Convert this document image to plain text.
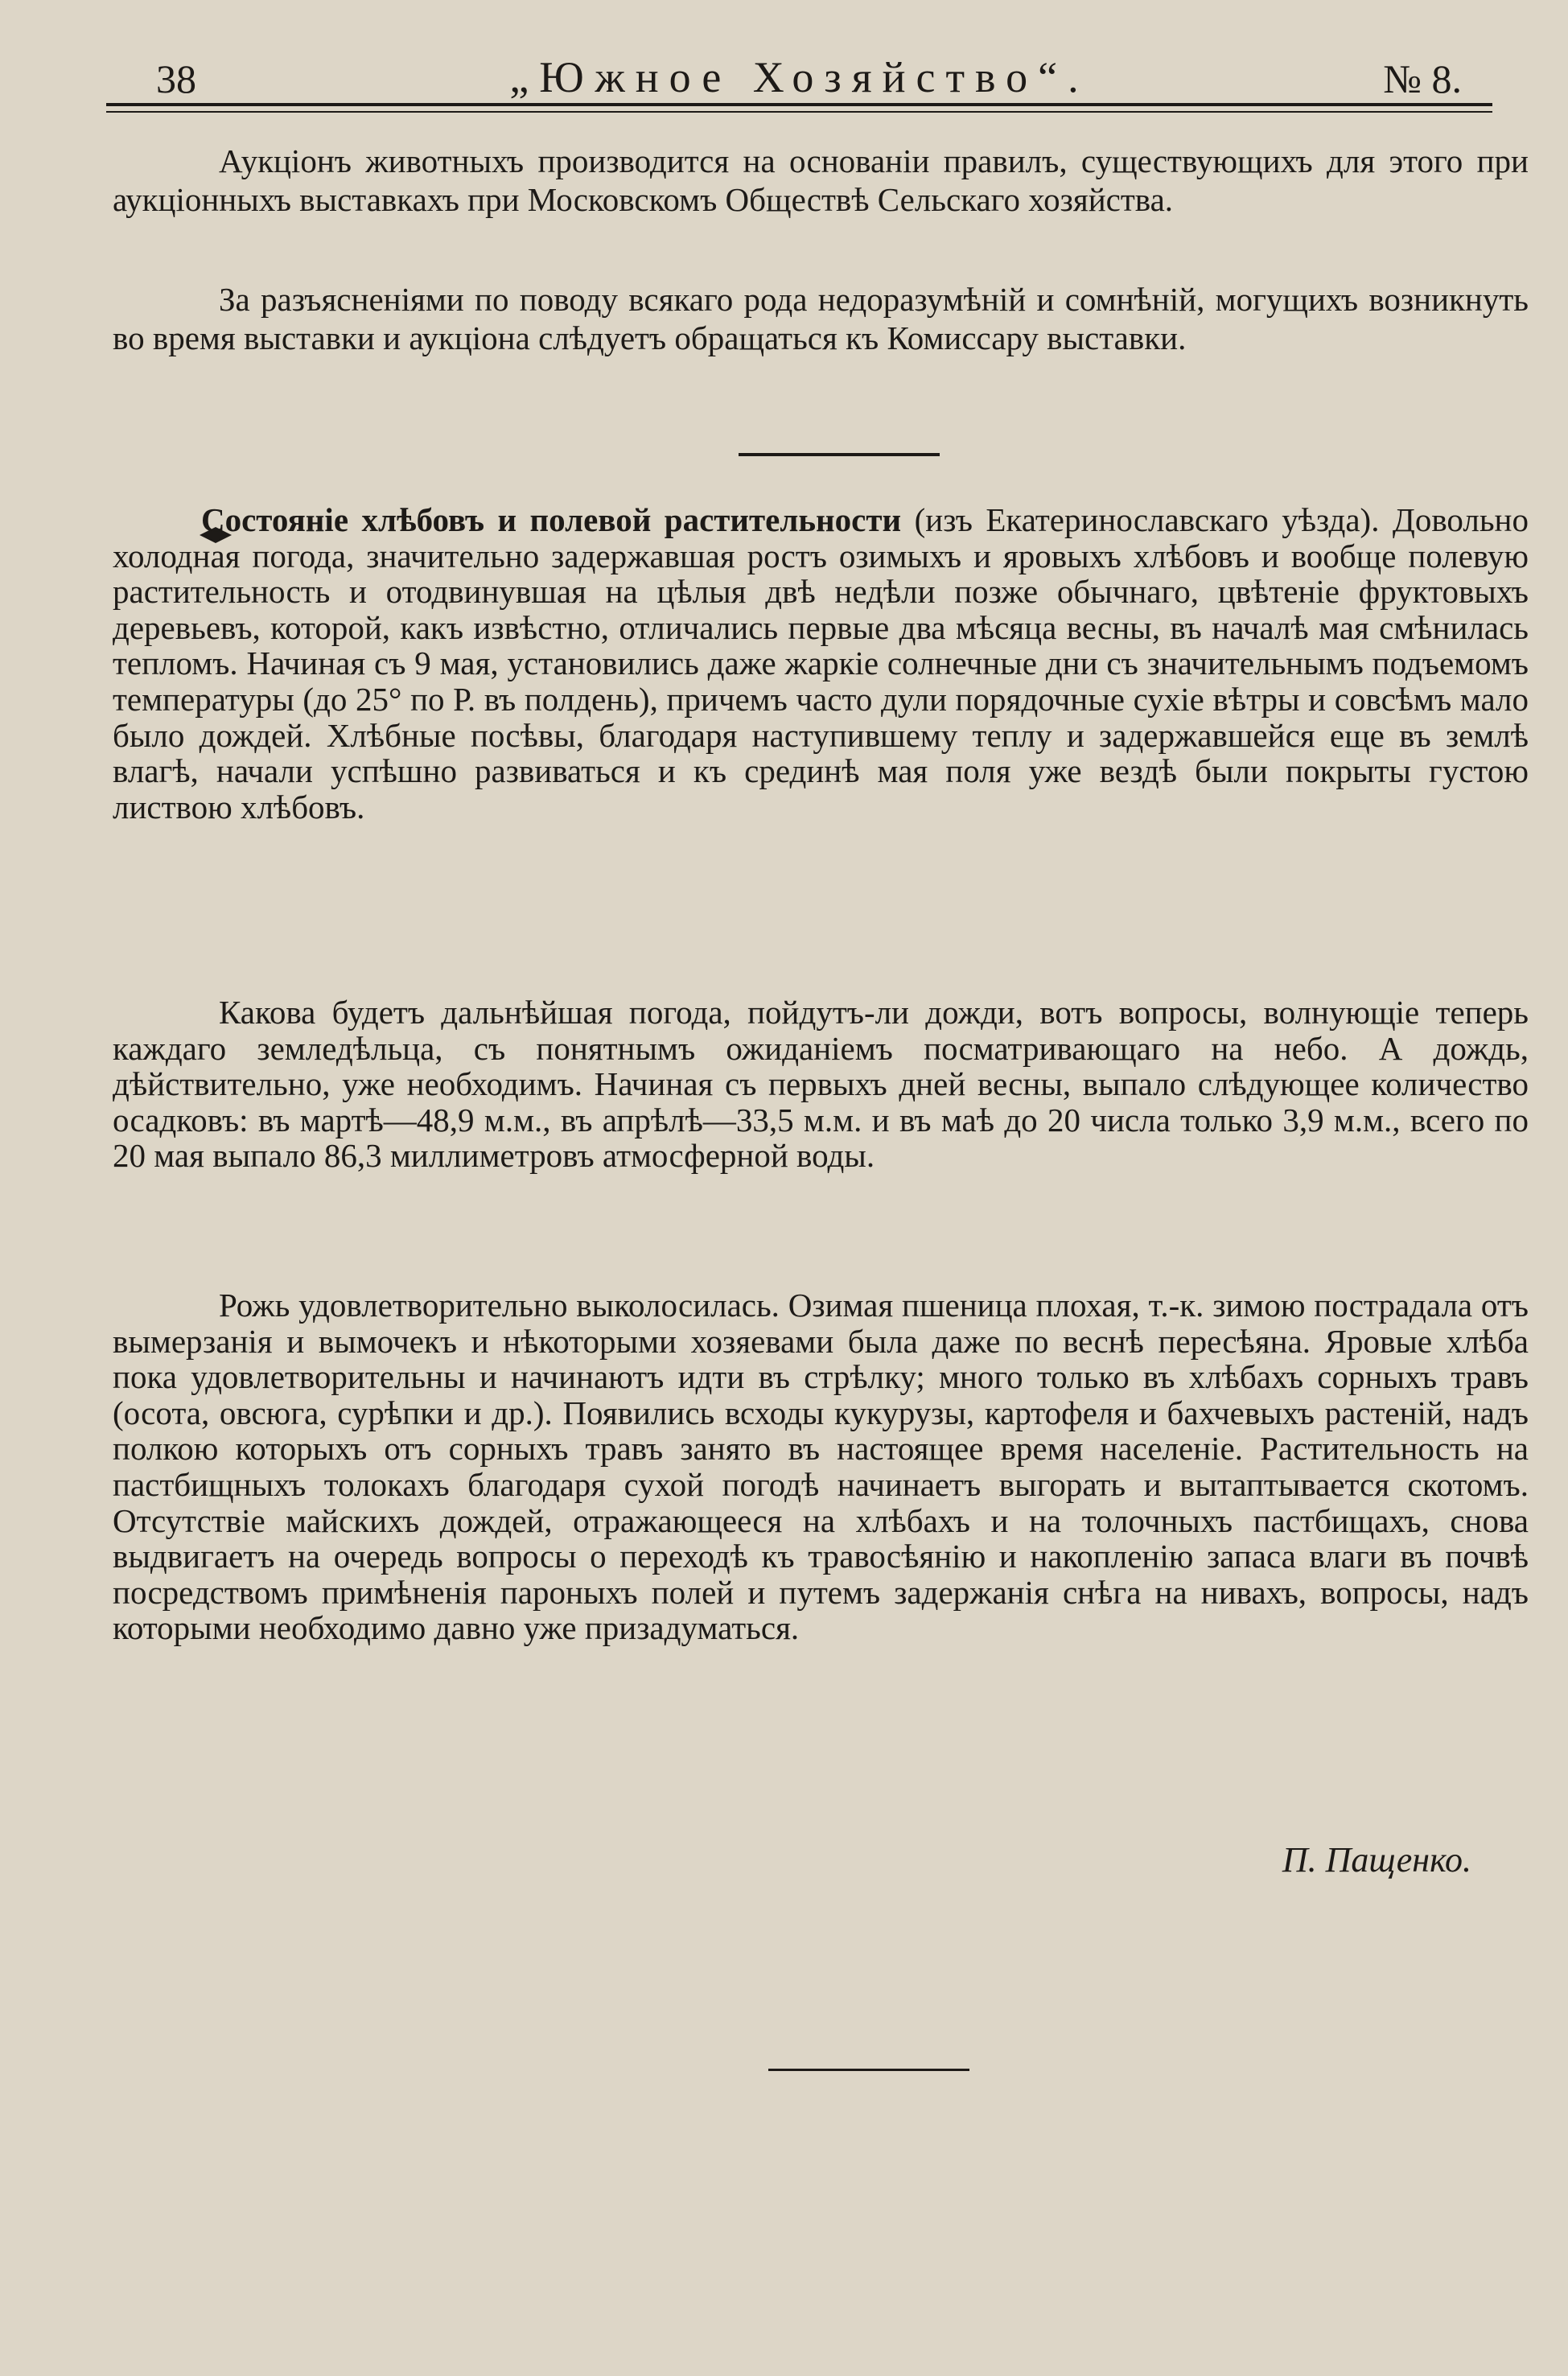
38	„Южное Хозяйство“.	№ 8.

Аукціонъ животныхъ производится на основаніи правилъ, существующихъ для этого при аукціонныхъ выставкахъ при Московскомъ Обществѣ Сельскаго хозяйства.

За разъясненіями по поводу всякаго рода недоразумѣній и сомнѣній, могущихъ возникнуть во время выставки и аукціона слѣдуетъ обращаться къ Комиссару выставки.

Состояніе хлѣбовъ и полевой растительности (изъ Екатеринославскаго уѣзда). Довольно холодная погода, значительно задержавшая ростъ озимыхъ и яровыхъ хлѣбовъ и вообще полевую растительность и отодвинувшая на цѣлыя двѣ недѣли позже обычнаго, цвѣтеніе фруктовыхъ деревьевъ, которой, какъ извѣстно, отличались первые два мѣсяца весны, въ началѣ мая смѣнилась тепломъ. Начиная съ 9 мая, установились даже жаркіе солнечные дни съ значительнымъ подъемомъ температуры (до 25° по Р. въ полдень), причемъ часто дули порядочные сухіе вѣтры и совсѣмъ мало было дождей. Хлѣбные посѣвы, благодаря наступившему теплу и задержавшейся еще въ землѣ влагѣ, начали успѣшно развиваться и къ срединѣ мая поля уже вездѣ были покрыты густою листвою хлѣбовъ.

Какова будетъ дальнѣйшая погода, пойдутъ-ли дожди, вотъ вопросы, волнующіе теперь каждаго земледѣльца, съ понятнымъ ожиданіемъ посматривающаго на небо. А дождь, дѣйствительно, уже необходимъ. Начиная съ первыхъ дней весны, выпало слѣдующее количество осадковъ: въ мартѣ—48,9 м.м., въ апрѣлѣ—33,5 м.м. и въ маѣ до 20 числа только 3,9 м.м., всего по 20 мая выпало 86,3 миллиметровъ атмосферной воды.

Рожь удовлетворительно выколосилась. Озимая пшеница плохая, т.-к. зимою пострадала отъ вымерзанія и вымочекъ и нѣкоторыми хозяевами была даже по веснѣ пересѣяна. Яровые хлѣба пока удовлетворительны и начинаютъ идти въ стрѣлку; много только въ хлѣбахъ сорныхъ травъ (осота, овсюга, сурѣпки и др.). Появились всходы кукурузы, картофеля и бахчевыхъ растеній, надъ полкою которыхъ отъ сорныхъ травъ занято въ настоящее время населеніе. Растительность на пастбищныхъ толокахъ благодаря сухой погодѣ начинаетъ выгорать и вытаптывается скотомъ. Отсутствіе майскихъ дождей, отражающееся на хлѣбахъ и на толочныхъ пастбищахъ, снова выдвигаетъ на очередь вопросы о переходѣ къ травосѣянію и накопленію запаса влаги въ почвѣ посредствомъ примѣненія пароныхъ полей и путемъ задержанія снѣга на нивахъ, вопросы, надъ которыми необходимо давно уже призадуматься.

П. Пащенко.
